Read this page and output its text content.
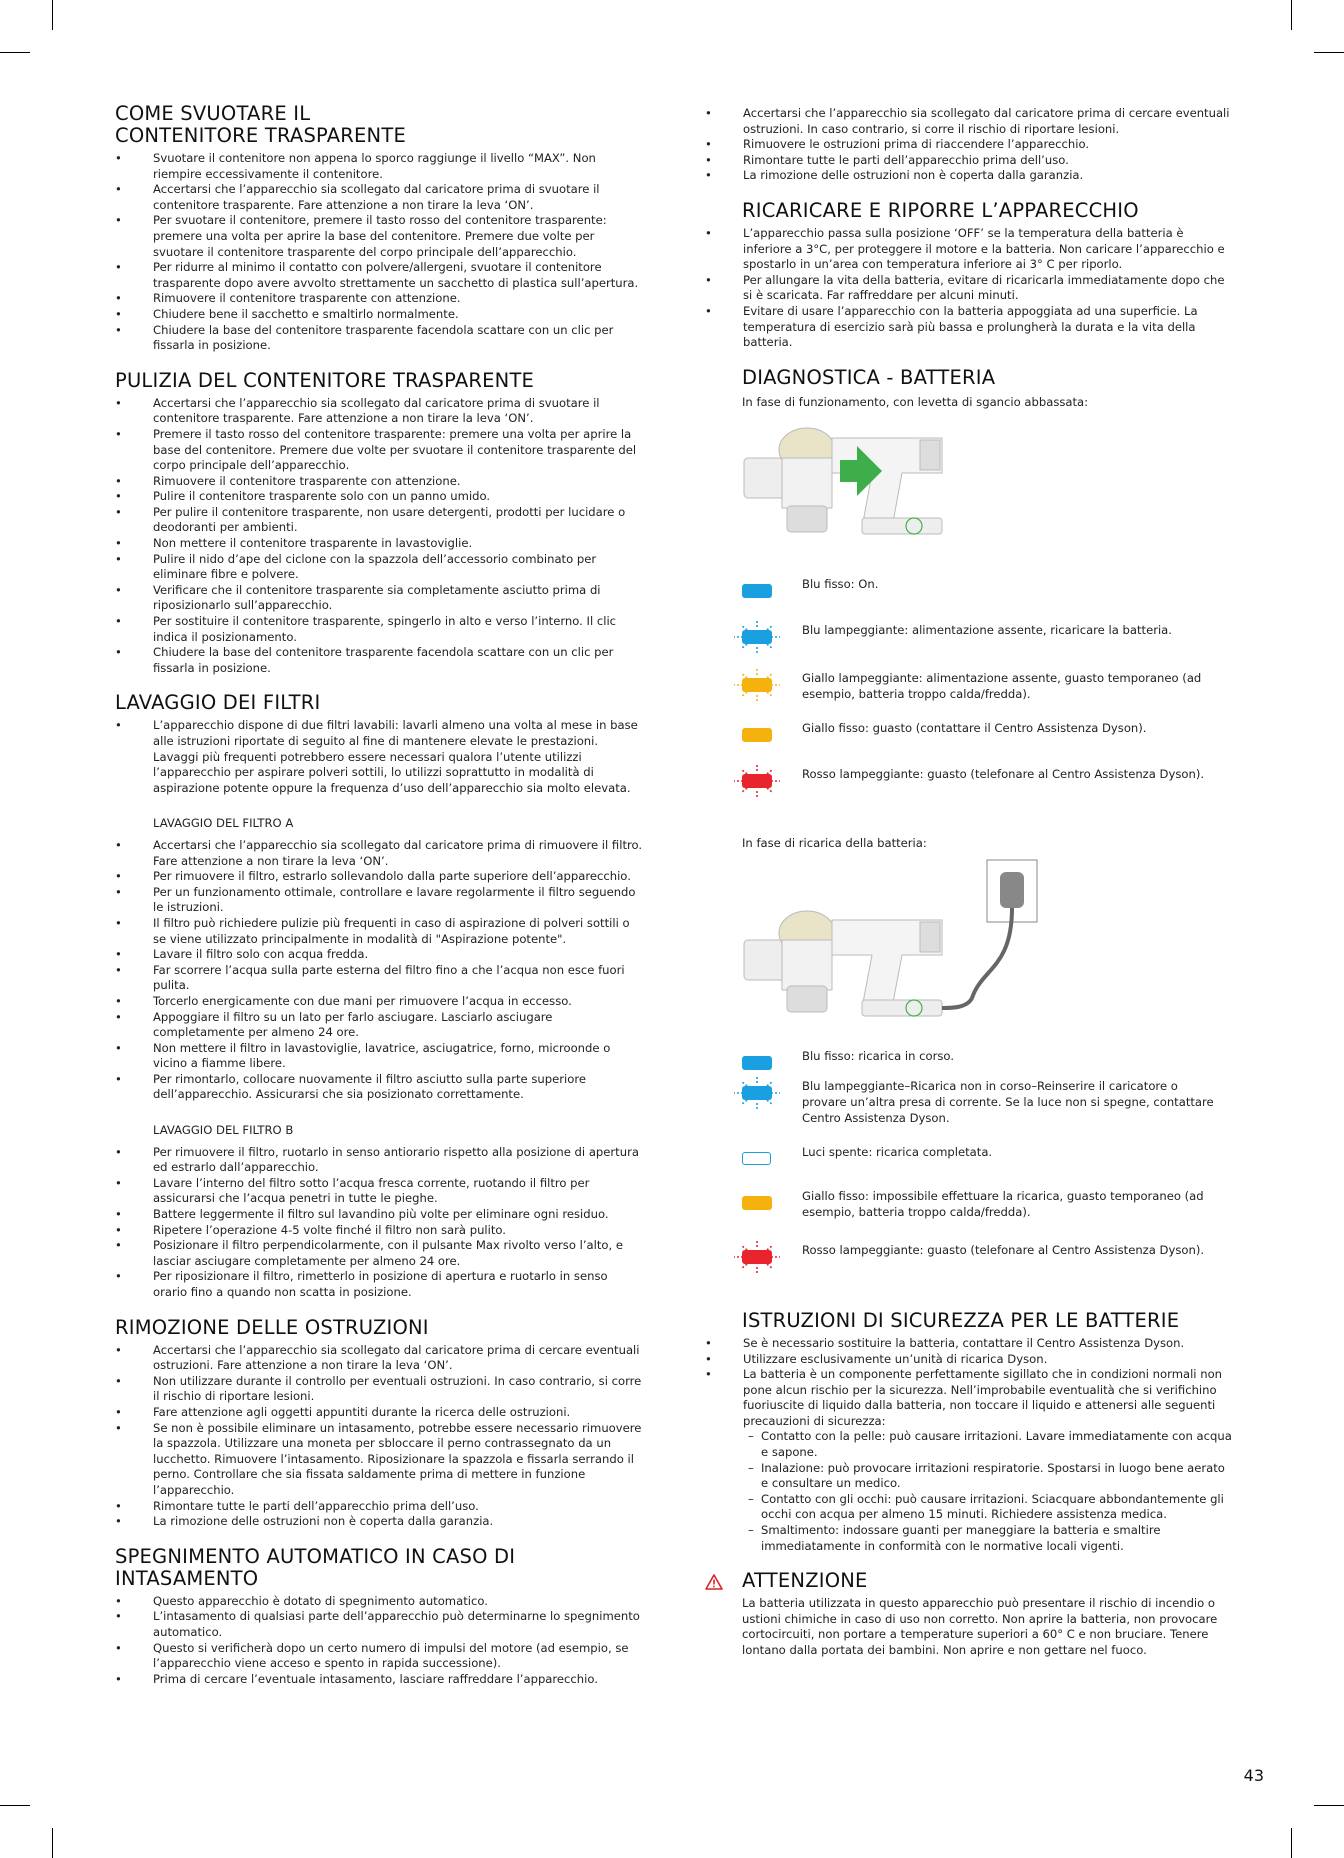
COME SVUOTARE IL CONTENITORE TRASPARENTE
• Svuotare il contenitore non appena lo sporco raggiunge il livello “MAX”. Non riempire eccessivamente il contenitore.
• Accertarsi che l’apparecchio sia scollegato dal caricatore prima di svuotare il contenitore trasparente. Fare attenzione a non tirare la leva ‘ON’.
• Per svuotare il contenitore, premere il tasto rosso del contenitore trasparente: premere una volta per aprire la base del contenitore. Premere due volte per svuotare il contenitore trasparente del corpo principale dell’apparecchio.
• Per ridurre al minimo il contatto con polvere/allergeni, svuotare il contenitore trasparente dopo avere avvolto strettamente un sacchetto di plastica sull’apertura.
• Rimuovere il contenitore trasparente con attenzione.
• Chiudere bene il sacchetto e smaltirlo normalmente.
• Chiudere la base del contenitore trasparente facendola scattare con un clic per fissarla in posizione.
PULIZIA DEL CONTENITORE TRASPARENTE
• Accertarsi che l’apparecchio sia scollegato dal caricatore prima di svuotare il contenitore trasparente. Fare attenzione a non tirare la leva ‘ON’.
• Premere il tasto rosso del contenitore trasparente: premere una volta per aprire la base del contenitore. Premere due volte per svuotare il contenitore trasparente del corpo principale dell’apparecchio.
• Rimuovere il contenitore trasparente con attenzione.
• Pulire il contenitore trasparente solo con un panno umido.
• Per pulire il contenitore trasparente, non usare detergenti, prodotti per lucidare o deodoranti per ambienti.
• Non mettere il contenitore trasparente in lavastoviglie.
• Pulire il nido d’ape del ciclone con la spazzola dell’accessorio combinato per eliminare fibre e polvere.
• Verificare che il contenitore trasparente sia completamente asciutto prima di riposizionarlo sull’apparecchio.
• Per sostituire il contenitore trasparente, spingerlo in alto e verso l’interno. Il clic indica il posizionamento.
• Chiudere la base del contenitore trasparente facendola scattare con un clic per fissarla in posizione.
LAVAGGIO DEI FILTRI
• L’apparecchio dispone di due filtri lavabili: lavarli almeno una volta al mese in base alle istruzioni riportate di seguito al fine di mantenere elevate le prestazioni. Lavaggi più frequenti potrebbero essere necessari qualora l’utente utilizzi l’apparecchio per aspirare polveri sottili, lo utilizzi soprattutto in modalità di aspirazione potente oppure la frequenza d’uso dell’apparecchio sia molto elevata.
LAVAGGIO DEL FILTRO A
• Accertarsi che l’apparecchio sia scollegato dal caricatore prima di rimuovere il filtro. Fare attenzione a non tirare la leva ‘ON’.
• Per rimuovere il filtro, estrarlo sollevandolo dalla parte superiore dell’apparecchio.
• Per un funzionamento ottimale, controllare e lavare regolarmente il filtro seguendo le istruzioni.
• Il filtro può richiedere pulizie più frequenti in caso di aspirazione di polveri sottili o se viene utilizzato principalmente in modalità di "Aspirazione potente".
• Lavare il filtro solo con acqua fredda.
• Far scorrere l’acqua sulla parte esterna del filtro fino a che l’acqua non esce fuori pulita.
• Torcerlo energicamente con due mani per rimuovere l’acqua in eccesso.
• Appoggiare il filtro su un lato per farlo asciugare. Lasciarlo asciugare completamente per almeno 24 ore.
• Non mettere il filtro in lavastoviglie, lavatrice, asciugatrice, forno, microonde o vicino a fiamme libere.
• Per rimontarlo, collocare nuovamente il filtro asciutto sulla parte superiore dell’apparecchio. Assicurarsi che sia posizionato correttamente.
LAVAGGIO DEL FILTRO B
• Per rimuovere il filtro, ruotarlo in senso antiorario rispetto alla posizione di apertura ed estrarlo dall’apparecchio.
• Lavare l’interno del filtro sotto l’acqua fresca corrente, ruotando il filtro per assicurarsi che l’acqua penetri in tutte le pieghe.
• Battere leggermente il filtro sul lavandino più volte per eliminare ogni residuo.
• Ripetere l’operazione 4-5 volte finché il filtro non sarà pulito.
• Posizionare il filtro perpendicolarmente, con il pulsante Max rivolto verso l’alto, e lasciar asciugare completamente per almeno 24 ore.
• Per riposizionare il filtro, rimetterlo in posizione di apertura e ruotarlo in senso orario fino a quando non scatta in posizione.
RIMOZIONE DELLE OSTRUZIONI
• Accertarsi che l’apparecchio sia scollegato dal caricatore prima di cercare eventuali ostruzioni. Fare attenzione a non tirare la leva ‘ON’.
• Non utilizzare durante il controllo per eventuali ostruzioni. In caso contrario, si corre il rischio di riportare lesioni.
• Fare attenzione agli oggetti appuntiti durante la ricerca delle ostruzioni.
• Se non è possibile eliminare un intasamento, potrebbe essere necessario rimuovere la spazzola. Utilizzare una moneta per sbloccare il perno contrassegnato da un lucchetto. Rimuovere l’intasamento. Riposizionare la spazzola e fissarla serrando il perno. Controllare che sia fissata saldamente prima di mettere in funzione l’apparecchio.
• Rimontare tutte le parti dell’apparecchio prima dell’uso.
• La rimozione delle ostruzioni non è coperta dalla garanzia.
SPEGNIMENTO AUTOMATICO IN CASO DI INTASAMENTO
• Questo apparecchio è dotato di spegnimento automatico.
• L’intasamento di qualsiasi parte dell’apparecchio può determinarne lo spegnimento automatico.
• Questo si verificherà dopo un certo numero di impulsi del motore (ad esempio, se l’apparecchio viene acceso e spento in rapida successione).
• Prima di cercare l’eventuale intasamento, lasciare raffreddare l’apparecchio.
• Accertarsi che l’apparecchio sia scollegato dal caricatore prima di cercare eventuali ostruzioni. In caso contrario, si corre il rischio di riportare lesioni.
• Rimuovere le ostruzioni prima di riaccendere l’apparecchio.
• Rimontare tutte le parti dell’apparecchio prima dell’uso.
• La rimozione delle ostruzioni non è coperta dalla garanzia.
RICARICARE E RIPORRE L’APPARECCHIO
• L’apparecchio passa sulla posizione ‘OFF’ se la temperatura della batteria è inferiore a 3°C, per proteggere il motore e la batteria. Non caricare l’apparecchio e spostarlo in un’area con temperatura inferiore ai 3° C per riporlo.
• Per allungare la vita della batteria, evitare di ricaricarla immediatamente dopo che si è scaricata. Far raffreddare per alcuni minuti.
• Evitare di usare l’apparecchio con la batteria appoggiata ad una superficie. La temperatura di esercizio sarà più bassa e prolungherà la durata e la vita della batteria.
DIAGNOSTICA - BATTERIA
In fase di funzionamento, con levetta di sgancio abbassata:
Blu fisso: On.
Blu lampeggiante: alimentazione assente, ricaricare la batteria.
Giallo lampeggiante: alimentazione assente, guasto temporaneo (ad esempio, batteria troppo calda/fredda).
Giallo fisso: guasto (contattare il Centro Assistenza Dyson).
Rosso lampeggiante: guasto (telefonare al Centro Assistenza Dyson).
In fase di ricarica della batteria:
Blu fisso: ricarica in corso.
Blu lampeggiante–Ricarica non in corso–Reinserire il caricatore o provare un’altra presa di corrente. Se la luce non si spegne, contattare Centro Assistenza Dyson.
Luci spente: ricarica completata.
Giallo fisso: impossibile effettuare la ricarica, guasto temporaneo (ad esempio, batteria troppo calda/fredda).
Rosso lampeggiante: guasto (telefonare al Centro Assistenza Dyson).
ISTRUZIONI DI SICUREZZA PER LE BATTERIE
• Se è necessario sostituire la batteria, contattare il Centro Assistenza Dyson.
• Utilizzare esclusivamente un’unità di ricarica Dyson.
• La batteria è un componente perfettamente sigillato che in condizioni normali non pone alcun rischio per la sicurezza. Nell’improbabile eventualità che si verifichino fuoriuscite di liquido dalla batteria, non toccare il liquido e attenersi alle seguenti precauzioni di sicurezza:
– Contatto con la pelle: può causare irritazioni. Lavare immediatamente con acqua e sapone.
– Inalazione: può provocare irritazioni respiratorie. Spostarsi in luogo bene aerato e consultare un medico.
– Contatto con gli occhi: può causare irritazioni. Sciacquare abbondantemente gli occhi con acqua per almeno 15 minuti. Richiedere assistenza medica.
– Smaltimento: indossare guanti per maneggiare la batteria e smaltire immediatamente in conformità con le normative locali vigenti.
ATTENZIONE
La batteria utilizzata in questo apparecchio può presentare il rischio di incendio o ustioni chimiche in caso di uso non corretto. Non aprire la batteria, non provocare cortocircuiti, non portare a temperature superiori a 60° C e non bruciare. Tenere lontano dalla portata dei bambini. Non aprire e non gettare nel fuoco.
43
